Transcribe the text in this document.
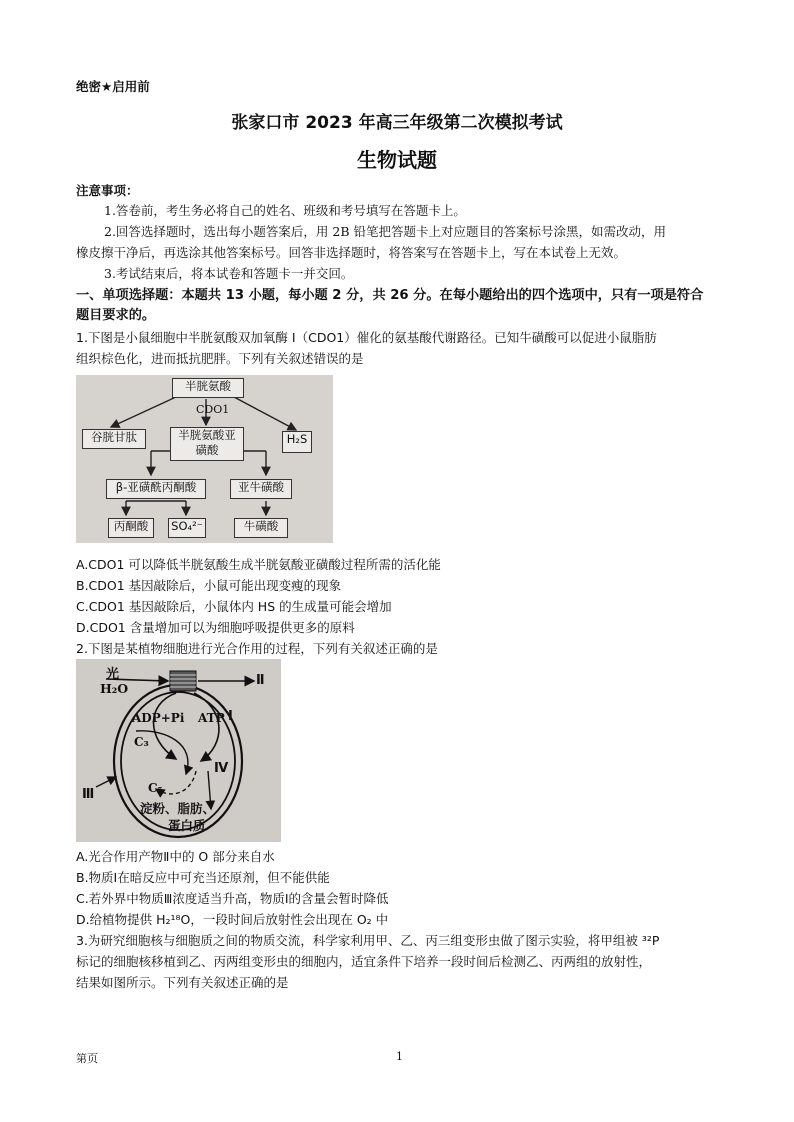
绝密★启用前
张家口市 2023 年高三年级第二次模拟考试
生物试题
注意事项：
1.答卷前，考生务必将自己的姓名、班级和考号填写在答题卡上。
2.回答选择题时，选出每小题答案后，用 2B 铅笔把答题卡上对应题目的答案标号涂黑，如需改动，用
橡皮擦干净后，再选涂其他答案标号。回答非选择题时，将答案写在答题卡上，写在本试卷上无效。
3.考试结束后，将本试卷和答题卡一并交回。
一、单项选择题：本题共 13 小题，每小题 2 分，共 26 分。在每小题给出的四个选项中，只有一项是符合
题目要求的。
1.下图是小鼠细胞中半胱氨酸双加氧酶 Ⅰ（CDO1）催化的氨基酸代谢路径。已知牛磺酸可以促进小鼠脂肪
组织棕色化，进而抵抗肥胖。下列有关叙述错误的是
半胱氨酸
CDO1
谷胱甘肽	半胱氨酸亚
磺酸
H₂S
β-亚磺酰丙酮酸	亚牛磺酸
丙酮酸	SO₄²⁻	牛磺酸
A.CDO1 可以降低半胱氨酸生成半胱氨酸亚磺酸过程所需的活化能
B.CDO1 基因敲除后，小鼠可能出现变瘦的现象
C.CDO1 基因敲除后，小鼠体内 HS 的生成量可能会增加
D.CDO1 含量增加可以为细胞呼吸提供更多的原料
2.下图是某植物细胞进行光合作用的过程，下列有关叙述正确的是
光
H₂O
Ⅱ
ADP+Pi ATP Ⅰ
C₃
Ⅳ
C₅
Ⅲ
淀粉、脂肪、
蛋白质
A.光合作用产物Ⅱ中的 O 部分来自水
B.物质Ⅰ在暗反应中可充当还原剂，但不能供能
C.若外界中物质Ⅲ浓度适当升高，物质Ⅰ的含量会暂时降低
D.给植物提供 H₂¹⁸O，一段时间后放射性会出现在 O₂ 中
3.为研究细胞核与细胞质之间的物质交流，科学家利用甲、乙、丙三组变形虫做了图示实验，将甲组被 ³²P
标记的细胞核移植到乙、丙两组变形虫的细胞内，适宜条件下培养一段时间后检测乙、丙两组的放射性，
结果如图所示。下列有关叙述正确的是
第页	1
